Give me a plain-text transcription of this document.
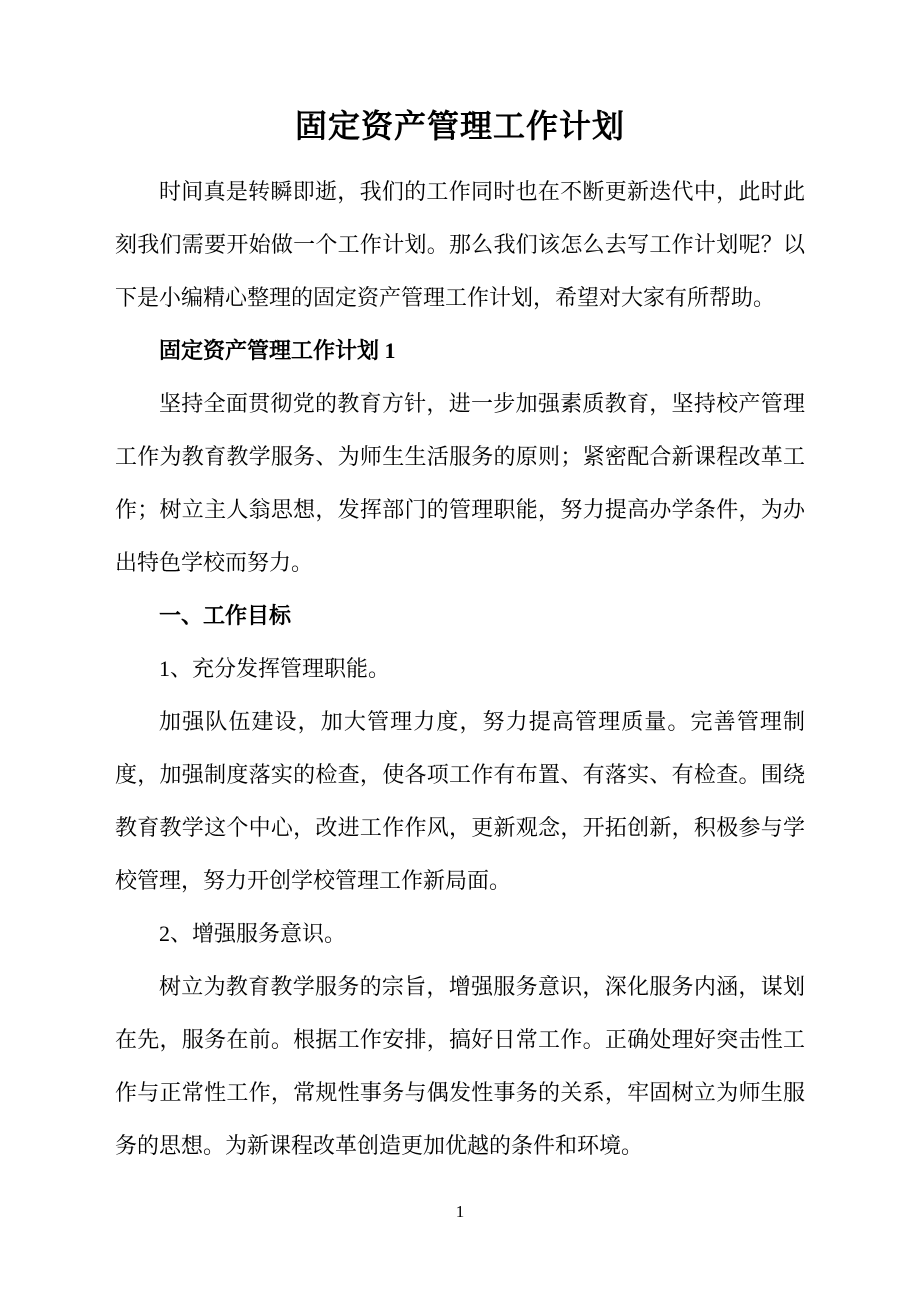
固定资产管理工作计划

时间真是转瞬即逝，我们的工作同时也在不断更新迭代中，此时此刻我们需要开始做一个工作计划。那么我们该怎么去写工作计划呢？以下是小编精心整理的固定资产管理工作计划，希望对大家有所帮助。

固定资产管理工作计划 1

坚持全面贯彻党的教育方针，进一步加强素质教育，坚持校产管理工作为教育教学服务、为师生生活服务的原则；紧密配合新课程改革工作；树立主人翁思想，发挥部门的管理职能，努力提高办学条件，为办出特色学校而努力。

一、工作目标

1、充分发挥管理职能。

加强队伍建设，加大管理力度，努力提高管理质量。完善管理制度，加强制度落实的检查，使各项工作有布置、有落实、有检查。围绕教育教学这个中心，改进工作作风，更新观念，开拓创新，积极参与学校管理，努力开创学校管理工作新局面。

2、增强服务意识。

树立为教育教学服务的宗旨，增强服务意识，深化服务内涵，谋划在先，服务在前。根据工作安排，搞好日常工作。正确处理好突击性工作与正常性工作，常规性事务与偶发性事务的关系，牢固树立为师生服务的思想。为新课程改革创造更加优越的条件和环境。

1
